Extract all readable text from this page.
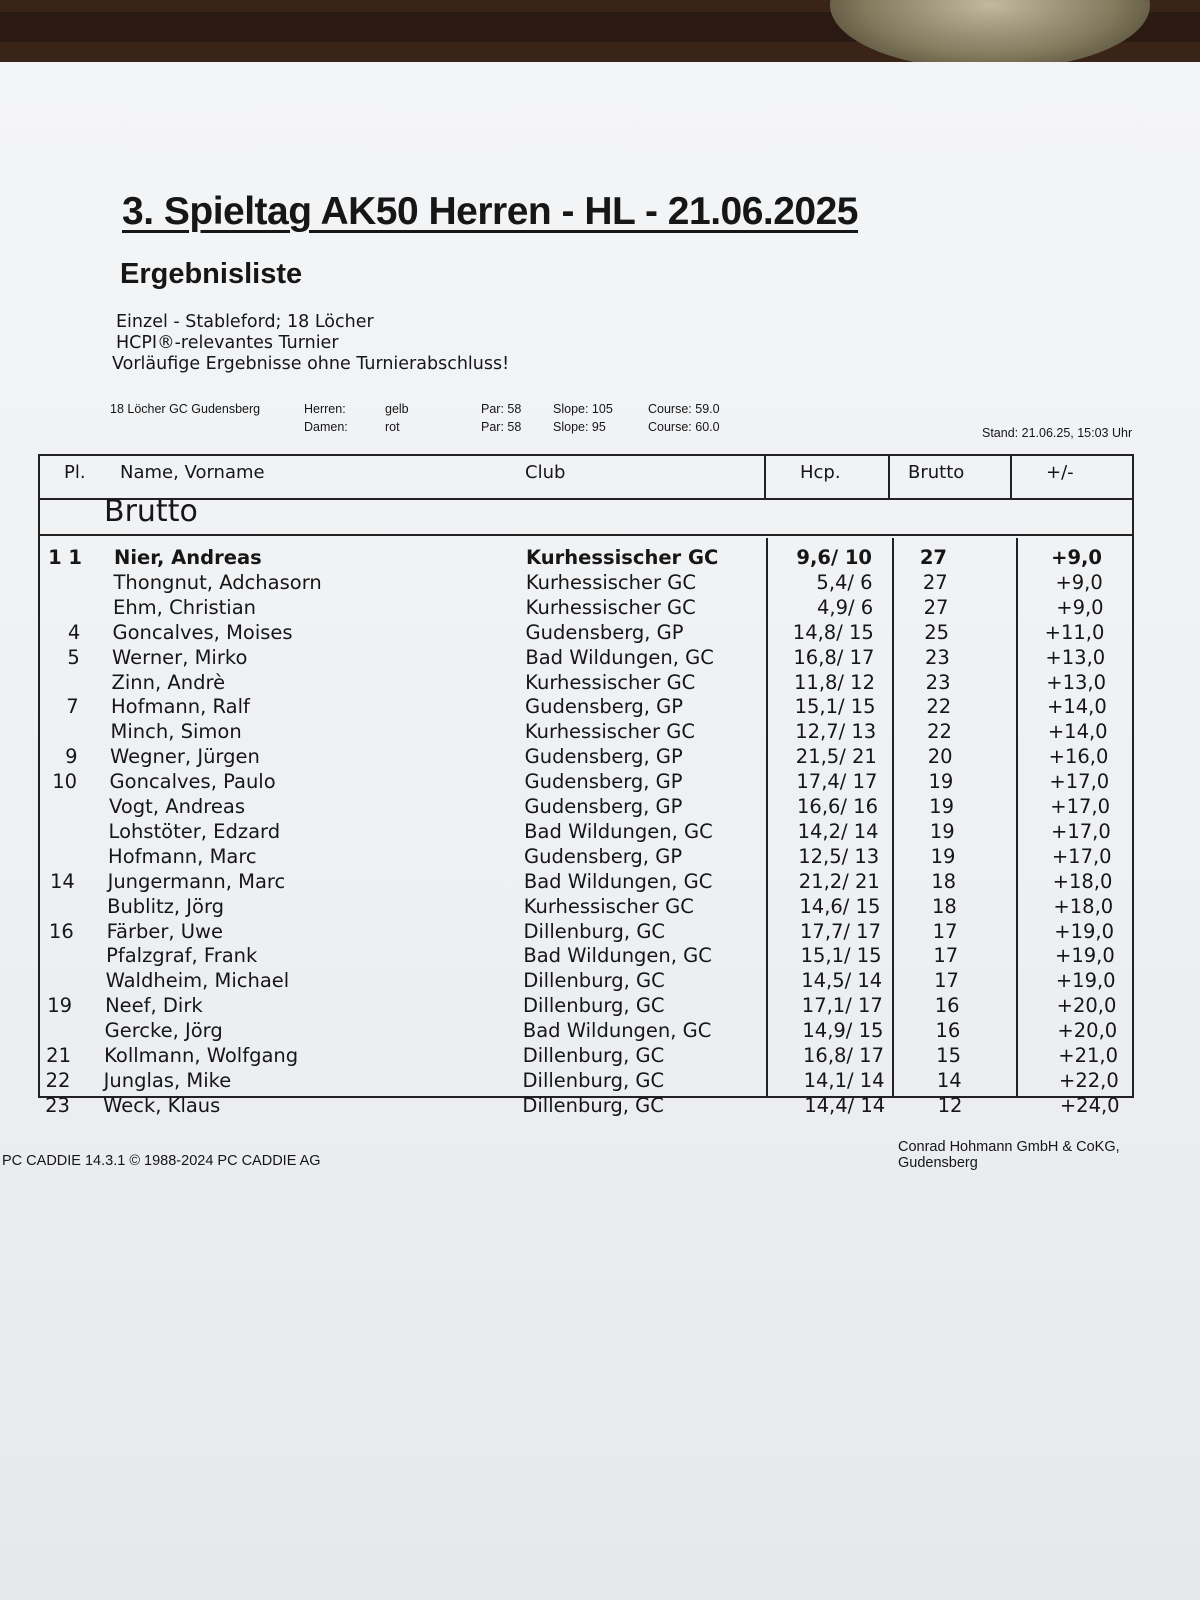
3. Spieltag AK50 Herren - HL - 21.06.2025
Ergebnisliste
Einzel - Stableford; 18 Löcher
HCPI®-relevantes Turnier
Vorläufige Ergebnisse ohne Turnierabschluss!
18 Löcher GC Gudensberg	Herren:	gelb	Par: 58	Slope: 105	Course: 59.0
Damen:	rot	Par: 58	Slope: 95	Course: 60.0	Stand: 21.06.25, 15:03 Uhr
Pl. Name, Vorname	Club	Hcp.	Brutto	+/-
Brutto
1 1 Nier, Andreas	Kurhessischer GC	9,6/ 10	27	+9,0
Thongnut, Adchasorn	Kurhessischer GC	5,4/ 6	27	+9,0
Ehm, Christian	Kurhessischer GC	4,9/ 6	27	+9,0
4 Goncalves, Moises	Gudensberg, GP	14,8/ 15	25	+11,0
5 Werner, Mirko	Bad Wildungen, GC	16,8/ 17	23	+13,0
Zinn, Andrè	Kurhessischer GC	11,8/ 12	23	+13,0
7 Hofmann, Ralf	Gudensberg, GP	15,1/ 15	22	+14,0
Minch, Simon	Kurhessischer GC	12,7/ 13	22	+14,0
9 Wegner, Jürgen	Gudensberg, GP	21,5/ 21	20	+16,0
10 Goncalves, Paulo	Gudensberg, GP	17,4/ 17	19	+17,0
Vogt, Andreas	Gudensberg, GP	16,6/ 16	19	+17,0
Lohstöter, Edzard	Bad Wildungen, GC	14,2/ 14	19	+17,0
Hofmann, Marc	Gudensberg, GP	12,5/ 13	19	+17,0
14 Jungermann, Marc	Bad Wildungen, GC	21,2/ 21	18	+18,0
Bublitz, Jörg	Kurhessischer GC	14,6/ 15	18	+18,0
16 Färber, Uwe	Dillenburg, GC	17,7/ 17	17	+19,0
Pfalzgraf, Frank	Bad Wildungen, GC	15,1/ 15	17	+19,0
Waldheim, Michael	Dillenburg, GC	14,5/ 14	17	+19,0
19 Neef, Dirk	Dillenburg, GC	17,1/ 17	16	+20,0
Gercke, Jörg	Bad Wildungen, GC	14,9/ 15	16	+20,0
21 Kollmann, Wolfgang	Dillenburg, GC	16,8/ 17	15	+21,0
22 Junglas, Mike	Dillenburg, GC	14,1/ 14	14	+22,0
23 Weck, Klaus	Dillenburg, GC	14,4/ 14	12	+24,0
PC CADDIE 14.3.1 © 1988-2024 PC CADDIE AG
Conrad Hohmann GmbH & CoKG, Gudensberg
